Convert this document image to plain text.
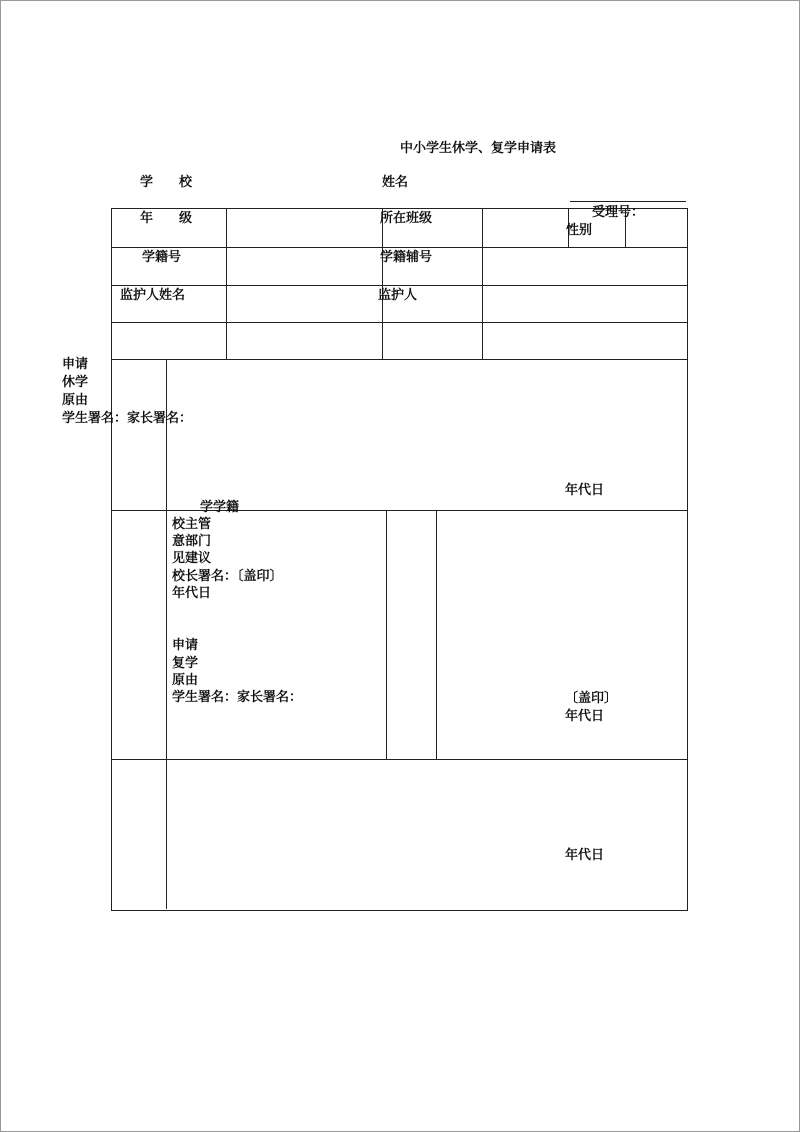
中小学生休学、复学申请表
学　　校	姓名
年　　级	所在班级	受理号：
性别
学籍号	学籍辅号
监护人姓名	监护人
申请
休学
原由
学生署名：家长署名：
年代日
学学籍
校主管
意部门
见建议
校长署名：〔盖印〕
年代日
申请
复学
原由
学生署名：家长署名：	〔盖印〕
年代日
年代日
